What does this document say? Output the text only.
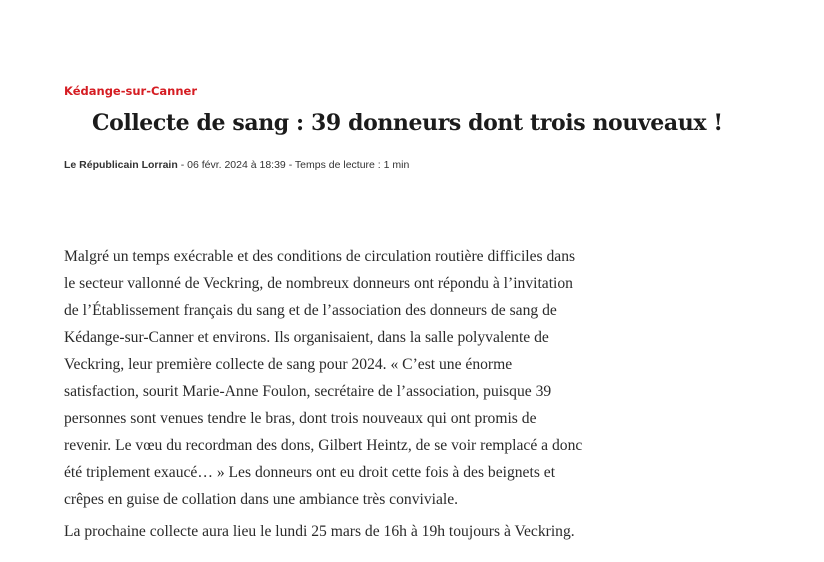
Kédange-sur-Canner
Collecte de sang : 39 donneurs dont trois nouveaux !
Le Républicain Lorrain - 06 févr. 2024 à 18:39 - Temps de lecture : 1 min

Malgré un temps exécrable et des conditions de circulation routière difficiles dans

le secteur vallonné de Veckring, de nombreux donneurs ont répondu à l’invitation

de l’Établissement français du sang et de l’association des donneurs de sang de

Kédange-sur-Canner et environs. Ils organisaient, dans la salle polyvalente de

Veckring, leur première collecte de sang pour 2024. « C’est une énorme

satisfaction, sourit Marie-Anne Foulon, secrétaire de l’association, puisque 39

personnes sont venues tendre le bras, dont trois nouveaux qui ont promis de

revenir. Le vœu du recordman des dons, Gilbert Heintz, de se voir remplacé a donc

été triplement exaucé… » Les donneurs ont eu droit cette fois à des beignets et

crêpes en guise de collation dans une ambiance très conviviale.

La prochaine collecte aura lieu le lundi 25 mars de 16h à 19h toujours à Veckring.
